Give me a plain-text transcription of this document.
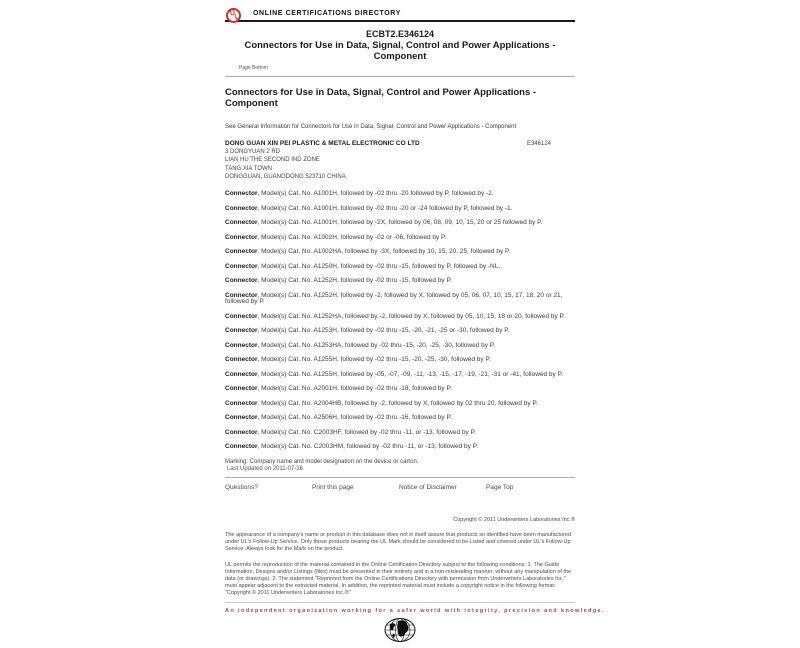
U
L
ONLINE CERTIFICATIONS DIRECTORY
ECBT2.E346124
Connectors for Use in Data, Signal, Control and Power Applications - Component
Page Bottom
Connectors for Use in Data, Signal, Control and Power Applications - Component
See General Information for Connectors for Use in Data, Signal, Control and Power Applications - Component
DONG GUAN XIN PEI PLASTIC & METAL ELECTRONIC CO LTD	E346124
3 DONGYUAN 2 RD
LIAN HU THE SECOND IND ZONE
TANG XIA TOWN
DONGGUAN, GUANGDONG 523710 CHINA
Connector, Model(s) Cat. No. A1001H, followed by -02 thru -20 followed by P, followed by -2.
Connector, Model(s) Cat. No. A1001H, followed by -02 thru -20 or -24 followed by P, followed by -1.
Connector, Model(s) Cat. No. A1001H, followed by -2X, followed by 06, 08, 09, 10, 15, 20 or 25 followed by P.
Connector, Model(s) Cat. No. A1002H, followed by -02 or -06, followed by P.
Connector, Model(s) Cat. No. A1002HA, followed by -3X, followed by 10, 15, 20, 25, followed by P.
Connector, Model(s) Cat. No. A1250H, followed by -02 thru -15, followed by P, followed by -NL.
Connector, Model(s) Cat. No. A1252H, followed by -02 thru -15, followed by P.
Connector, Model(s) Cat. No. A1252H, followed by -2, followed by X, followed by 05, 06, 07, 10, 15, 17, 18, 20 or 21, followed by P.
Connector, Model(s) Cat. No. A1252HA, followed by -2, followed by X, followed by 05, 10, 15, 18 or 20, followed by P.
Connector, Model(s) Cat. No. A1253H, followed by -02 thru -15, -20, -21, -25 or -30, followed by P.
Connector, Model(s) Cat. No. A1253HA, followed by -02 thru -15, -20, -25, -30, followed by P.
Connector, Model(s) Cat. No. A1255H, followed by -02 thru -15, -20, -25, -30, followed by P.
Connector, Model(s) Cat. No. A1255H, followed by -05, -07, -09, -11, -13, -15, -17, -19, -21, -31 or -41, followed by P.
Connector, Model(s) Cat. No. A2001H, followed by -02 thru -18, followed by P.
Connector, Model(s) Cat. No. A2004HB, followed by -2, followed by X, followed by 02 thru 20, followed by P.
Connector, Model(s) Cat. No. A2506H, followed by -02 thru -16, followed by P.
Connector, Model(s) Cat. No. C2003HF, followed by -02 thru -11, or -13, followed by P.
Connector, Model(s) Cat. No. C2003HM, followed by -02 thru -11, or -13, followed by P.
Marking: Company name and model designation on the device or carton.
Last Updated on 2011-07-16
Questions?	Print this page	Notice of Disclaimer	Page Top
Copyright © 2011 Underwriters Laboratories Inc.®

The appearance of a company's name or product in this database does not in itself assure that products so identified have been manufactured under UL's Follow-Up Service. Only those products bearing the UL Mark should be considered to be Listed and covered under UL's Follow-Up Service. Always look for the Mark on the product.

UL permits the reproduction of the material contained in the Online Certification Directory subject to the following conditions: 1. The Guide Information, Designs and/or Listings (files) must be presented in their entirety and in a non-misleading manner, without any manipulation of the data (or drawings). 2. The statement "Reprinted from the Online Certifications Directory with permission from Underwriters Laboratories Inc." must appear adjacent to the extracted material. In addition, the reprinted material must include a copyright notice in the following format: "Copyright © 2011 Underwriters Laboratories Inc.®"

An independent organization working for a safer world with integrity, precision and knowledge.
